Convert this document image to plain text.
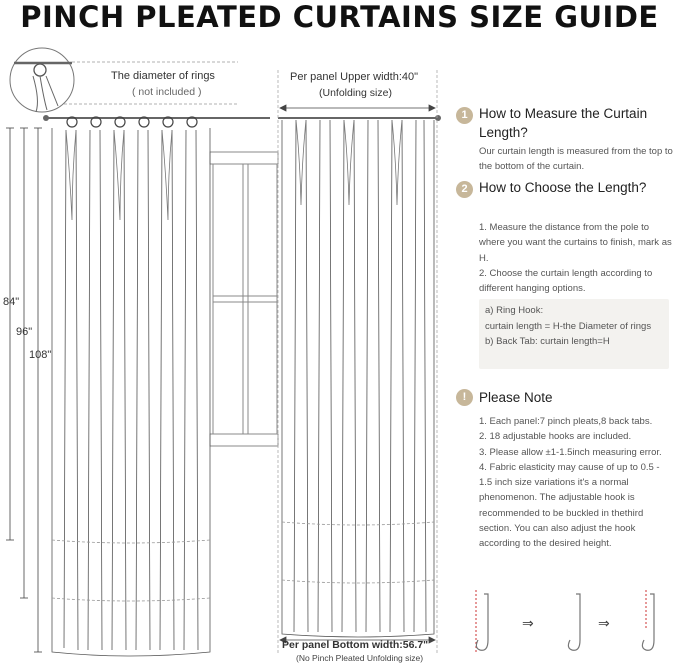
PINCH PLEATED CURTAINS SIZE GUIDE
⇒	⇒
The diameter of rings
( not included )
Per panel Upper width:40"
(Unfolding size)
Per panel Bottom width:56.7"
(No Pinch Pleated Unfolding size)
84"
96"
108"
1 How to Measure the Curtain Length?

Our curtain length is measured from the top to the bottom of the curtain.

2 How to Choose the Length?

1. Measure the distance from the pole to where you want the curtains to finish, mark as H.

2. Choose the curtain length according to different hanging options.

a) Ring Hook:

curtain length = H-the Diameter of rings

b) Back Tab: curtain length=H

! Please Note

1. Each panel:7 pinch pleats,8 back tabs.

2. 18 adjustable hooks are included.

3. Please allow ±1-1.5inch measuring error.

4. Fabric elasticity may cause of up to 0.5 - 1.5 inch size variations it's a normal phenomenon. The adjustable hook is recommended to be buckled in thethird section. You can also adjust the hook according to the desired height.
